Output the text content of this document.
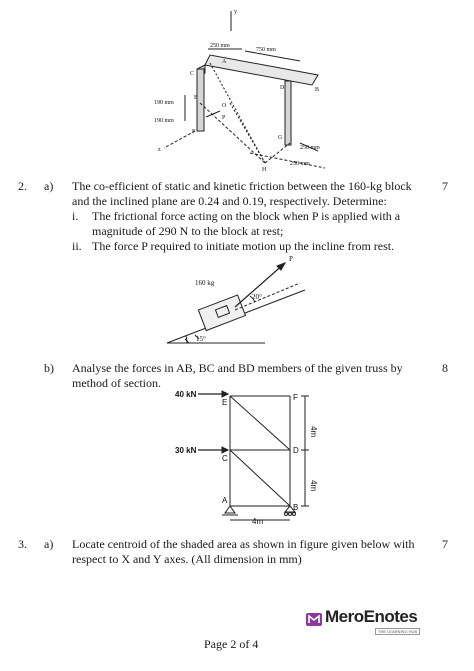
y
250 mm
750 mm
A
B
C
D
E
F
G
H
O
P
z
190 mm
190 mm
250 mm
250 mm
2. a) The co-efficient of static and kinetic friction between the 160-kg block
and the inclined plane are 0.24 and 0.19, respectively. Determine:
7
i. The frictional force acting on the block when P is applied with a
magnitude of 290 N to the block at rest;
ii. The force P required to initiate motion up the incline from rest.
160 kg
P
20°
15°
b) Analyse the forces in AB, BC and BD members of the given truss by
method of section.
8
40 kN
30 kN
E
F
C
D
A
B
4m
4m
4m
3. a) Locate centroid of the shaded area as shown in figure given below with
respect to X and Y axes. (All dimension in mm)
7
MeroEnotes
THE LEARNING HUB
Page 2 of 4
